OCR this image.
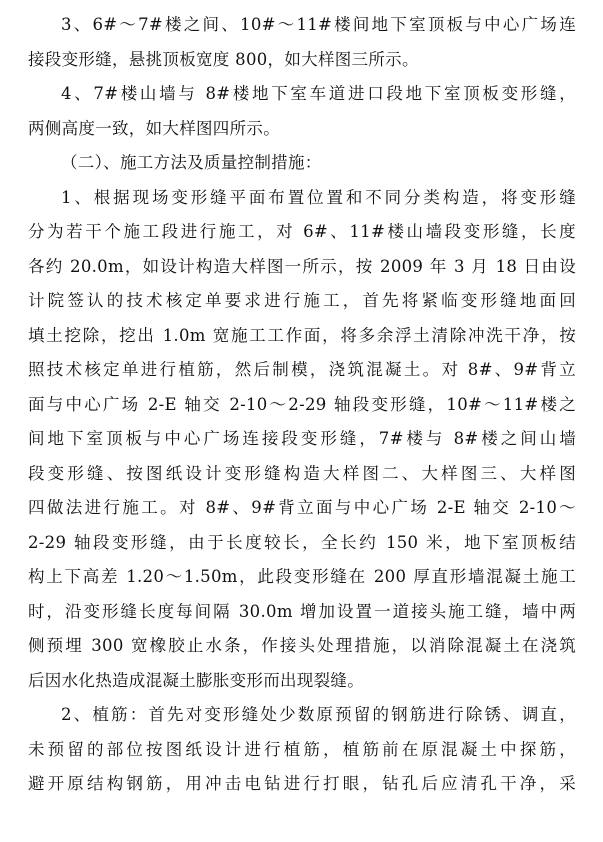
3、6#～7#楼之间、10#～11#楼间地下室顶板与中心广场连
接段变形缝，悬挑顶板宽度 800，如大样图三所示。
4、7#楼山墙与 8#楼地下室车道进口段地下室顶板变形缝，
两侧高度一致，如大样图四所示。
（二）、施工方法及质量控制措施：
1、根据现场变形缝平面布置位置和不同分类构造，将变形缝
分为若干个施工段进行施工，对 6#、11#楼山墙段变形缝，长度
各约 20.0m，如设计构造大样图一所示，按 2009 年 3 月 18 日由设
计院签认的技术核定单要求进行施工，首先将紧临变形缝地面回
填土挖除，挖出 1.0m 宽施工工作面，将多余浮土清除冲洗干净，按
照技术核定单进行植筋，然后制模，浇筑混凝土。对 8#、9#背立
面与中心广场 2-E 轴交 2-10～2-29 轴段变形缝，10#～11#楼之
间地下室顶板与中心广场连接段变形缝，7#楼与 8#楼之间山墙
段变形缝、按图纸设计变形缝构造大样图二、大样图三、大样图
四做法进行施工。对 8#、9#背立面与中心广场 2-E 轴交 2-10～
2-29 轴段变形缝，由于长度较长，全长约 150 米，地下室顶板结
构上下高差 1.20～1.50m，此段变形缝在 200 厚直形墙混凝土施工
时，沿变形缝长度每间隔 30.0m 增加设置一道接头施工缝，墙中两
侧预埋 300 宽橡胶止水条，作接头处理措施，以消除混凝土在浇筑
后因水化热造成混凝土膨胀变形而出现裂缝。
2、植筋：首先对变形缝处少数原预留的钢筋进行除锈、调直，
未预留的部位按图纸设计进行植筋，植筋前在原混凝土中探筋，
避开原结构钢筋，用冲击电钻进行打眼，钻孔后应清孔干净，采
